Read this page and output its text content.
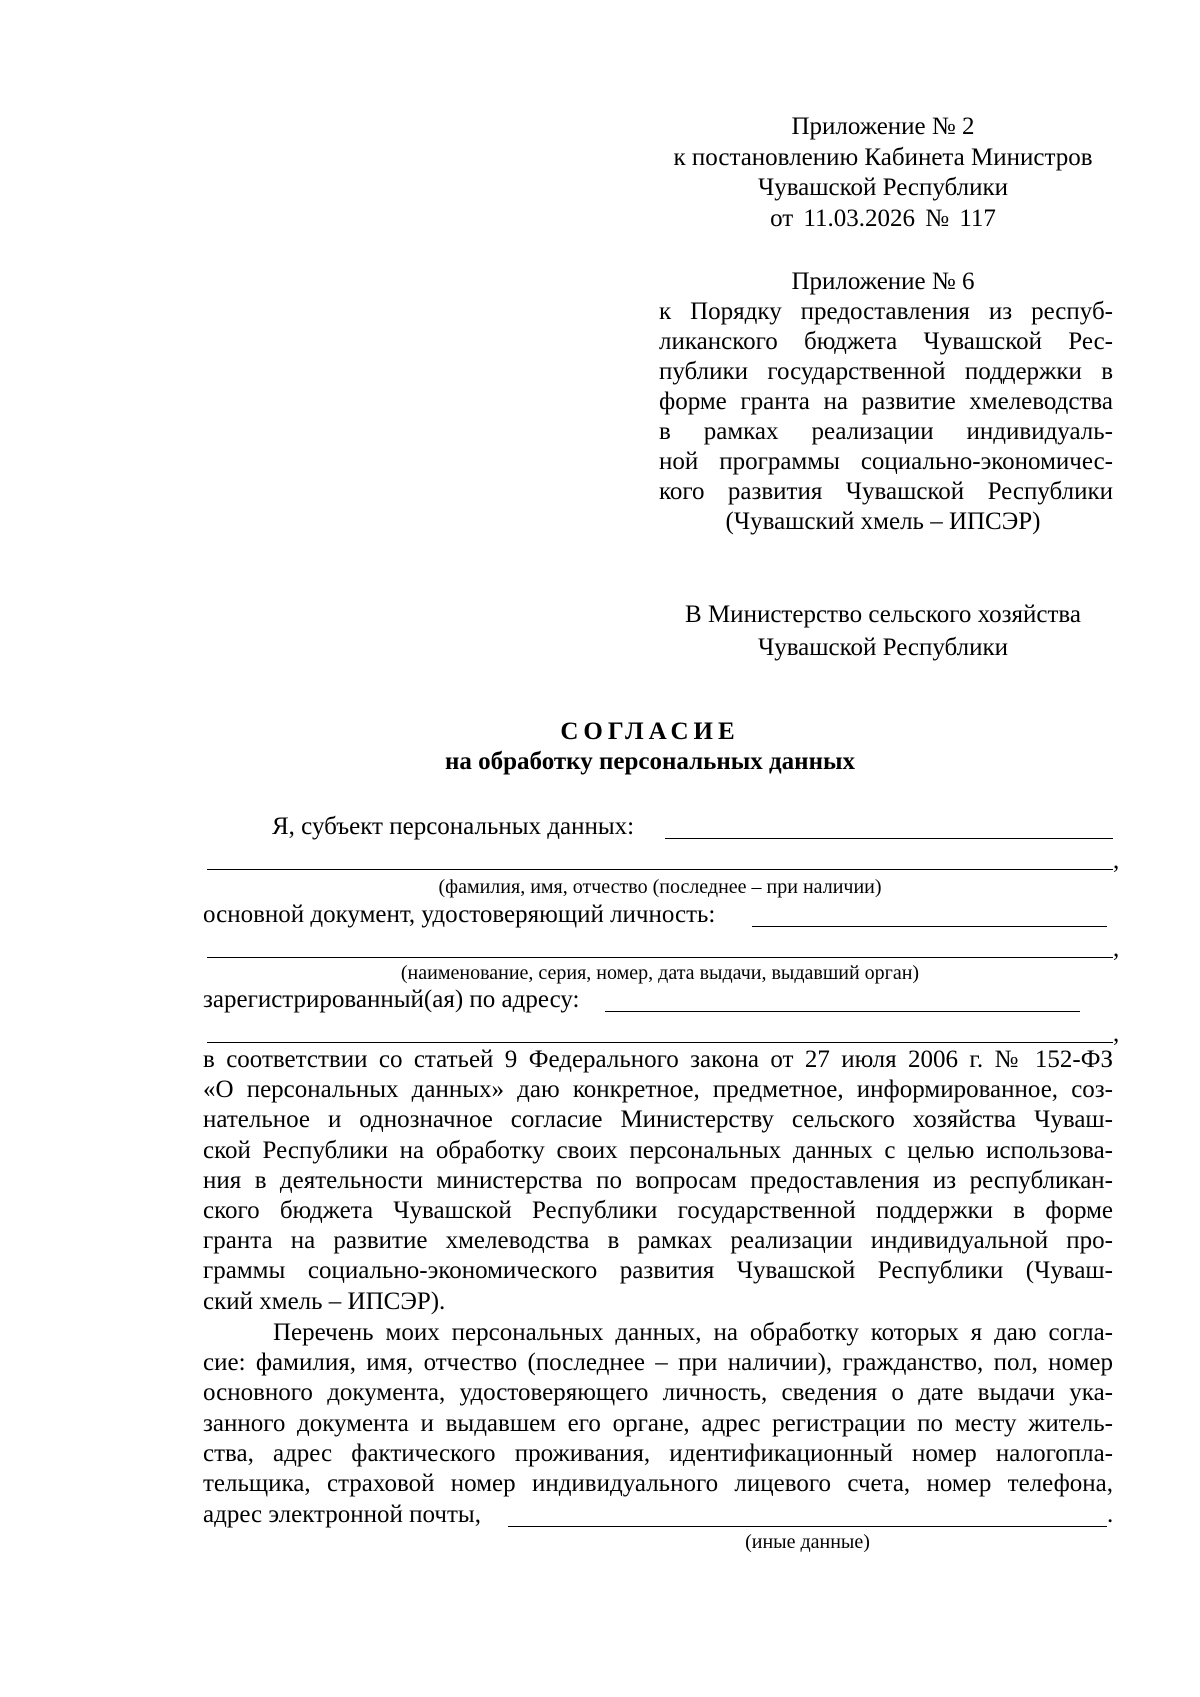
Приложение № 2
к постановлению Кабинета Министров
Чувашской Республики
от 11.03.2026 № 117
Приложение № 6
к Порядку предоставления из респуб-
ликанского бюджета Чувашской Рес-
публики государственной поддержки в
форме гранта на развитие хмелеводства
в рамках реализации индивидуаль-
ной программы социально-экономичес-
кого развития Чувашской Республики
(Чувашский хмель – ИПСЭР)
В Министерство сельского хозяйства
Чувашской Республики
СОГЛАСИЕ
на обработку персональных данных
Я, субъект персональных данных:
,
(фамилия, имя, отчество (последнее – при наличии)
основной документ, удостоверяющий личность:
,
(наименование, серия, номер, дата выдачи, выдавший орган)
зарегистрированный(ая) по адресу:
,
в соответствии со статьей 9 Федерального закона от 27 июля 2006 г. № 152-ФЗ
«О персональных данных» даю конкретное, предметное, информированное, соз-
нательное и однозначное согласие Министерству сельского хозяйства Чуваш-
ской Республики на обработку своих персональных данных с целью использова-
ния в деятельности министерства по вопросам предоставления из республикан-
ского бюджета Чувашской Республики государственной поддержки в форме
гранта на развитие хмелеводства в рамках реализации индивидуальной про-
граммы социально-экономического развития Чувашской Республики (Чуваш-
ский хмель – ИПСЭР).
Перечень моих персональных данных, на обработку которых я даю согла-
сие: фамилия, имя, отчество (последнее – при наличии), гражданство, пол, номер
основного документа, удостоверяющего личность, сведения о дате выдачи ука-
занного документа и выдавшем его органе, адрес регистрации по месту житель-
ства, адрес фактического проживания, идентификационный номер налогопла-
тельщика, страховой номер индивидуального лицевого счета, номер телефона,
адрес электронной почты,	.
(иные данные)
